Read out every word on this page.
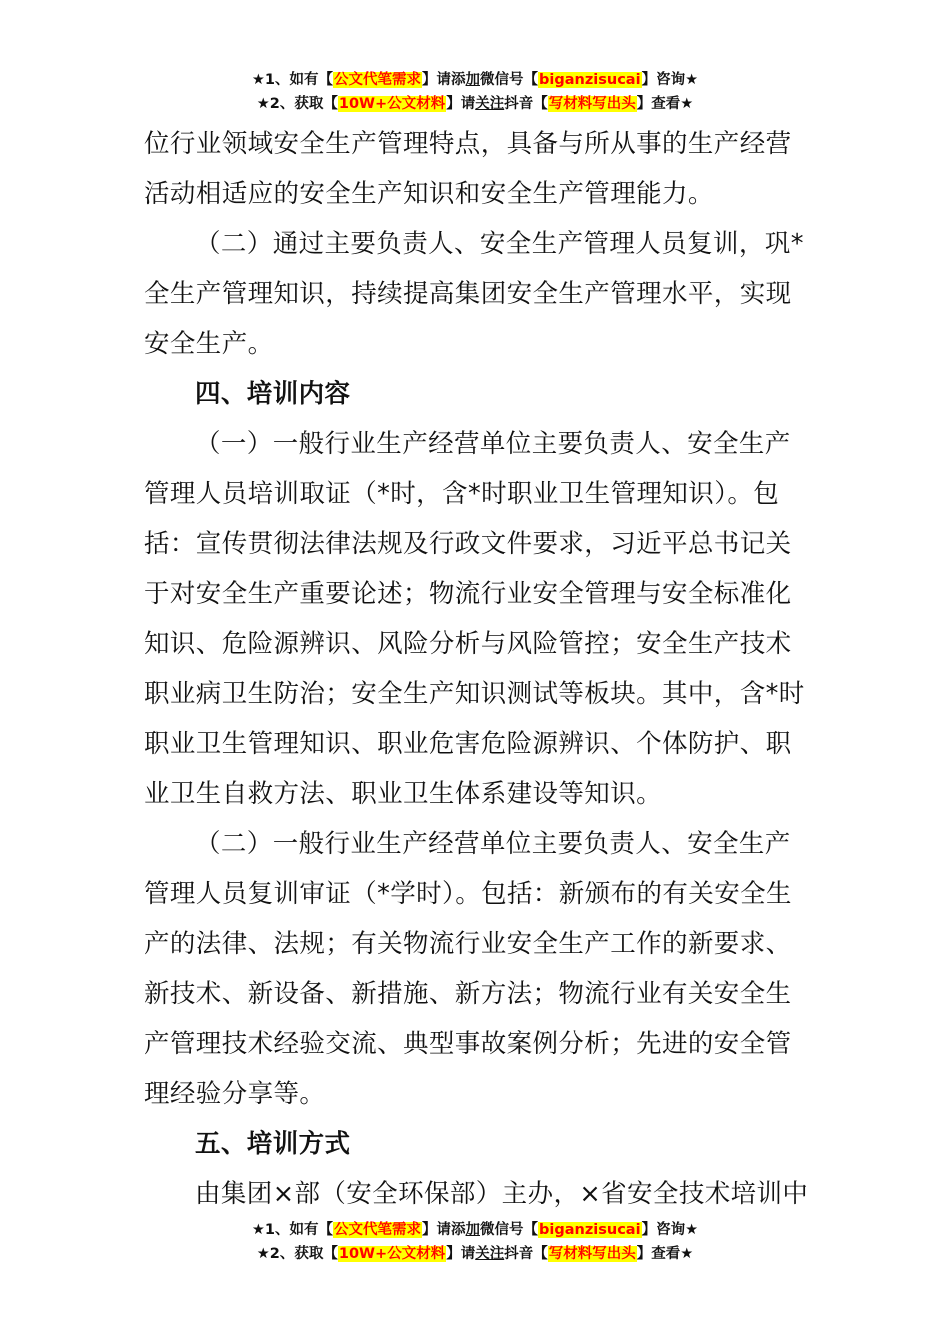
★1、如有【公文代笔需求】请添加微信号【biganzisucai】咨询★
★2、获取【10W+公文材料】请关注抖音【写材料写出头】查看★
位行业领域安全生产管理特点，具备与所从事的生产经营
活动相适应的安全生产知识和安全生产管理能力。
（二）通过主要负责人、安全生产管理人员复训，巩*
全生产管理知识，持续提高集团安全生产管理水平，实现
安全生产。
四、培训内容
（一）一般行业生产经营单位主要负责人、安全生产
管理人员培训取证（*时，含*时职业卫生管理知识）。包
括：宣传贯彻法律法规及行政文件要求，习近平总书记关
于对安全生产重要论述；物流行业安全管理与安全标准化
知识、危险源辨识、风险分析与风险管控；安全生产技术
职业病卫生防治；安全生产知识测试等板块。其中，含*时
职业卫生管理知识、职业危害危险源辨识、个体防护、职
业卫生自救方法、职业卫生体系建设等知识。
（二）一般行业生产经营单位主要负责人、安全生产
管理人员复训审证（*学时）。包括：新颁布的有关安全生
产的法律、法规；有关物流行业安全生产工作的新要求、
新技术、新设备、新措施、新方法；物流行业有关安全生
产管理技术经验交流、典型事故案例分析；先进的安全管
理经验分享等。
五、培训方式
由集团×部（安全环保部）主办，×省安全技术培训中
★1、如有【公文代笔需求】请添加微信号【biganzisucai】咨询★
★2、获取【10W+公文材料】请关注抖音【写材料写出头】查看★
